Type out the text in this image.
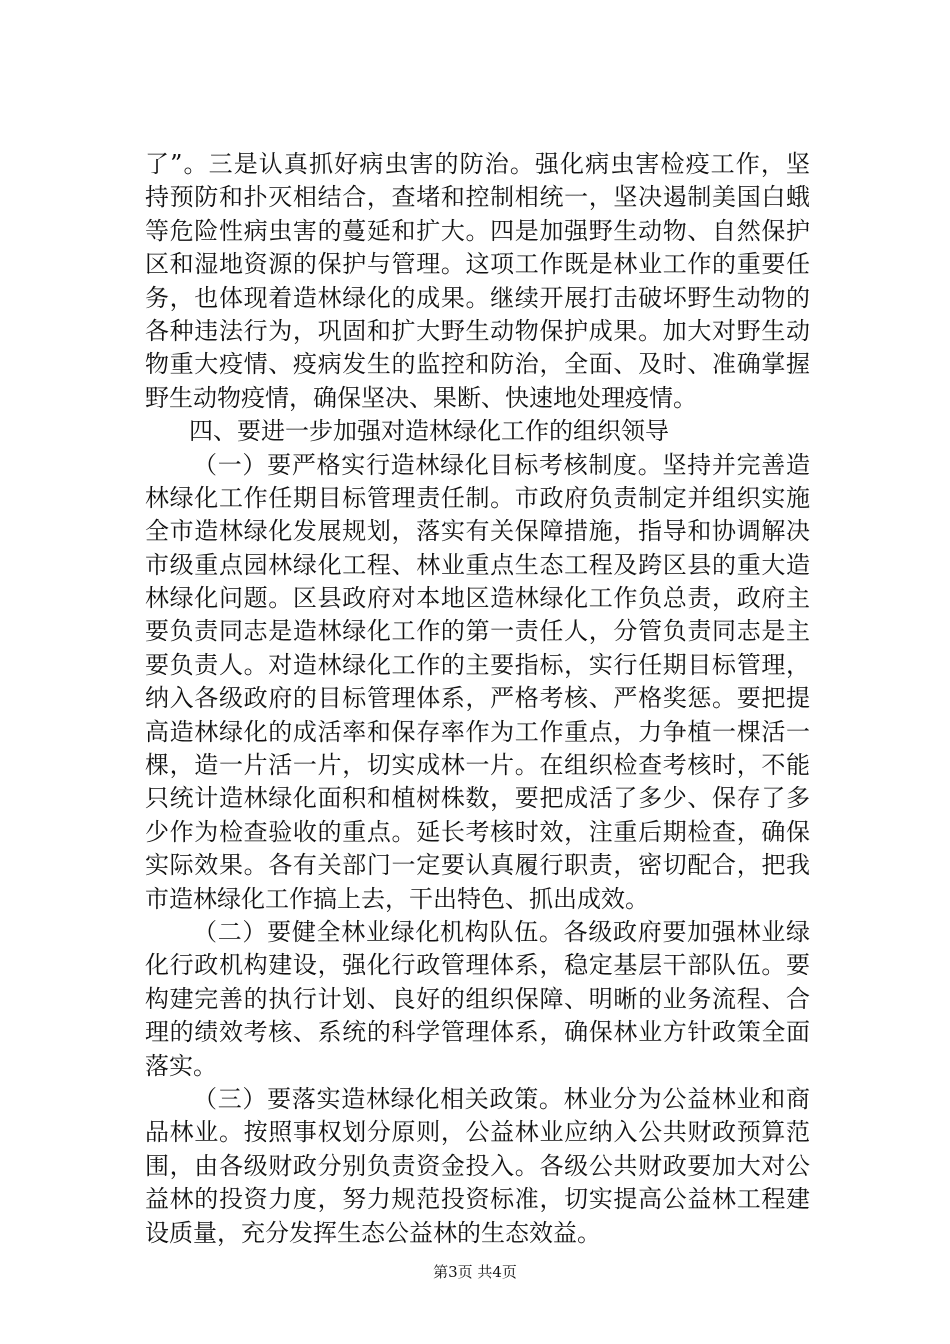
了”。三是认真抓好病虫害的防治。强化病虫害检疫工作，坚
持预防和扑灭相结合，查堵和控制相统一，坚决遏制美国白蛾
等危险性病虫害的蔓延和扩大。四是加强野生动物、自然保护
区和湿地资源的保护与管理。这项工作既是林业工作的重要任
务，也体现着造林绿化的成果。继续开展打击破坏野生动物的
各种违法行为，巩固和扩大野生动物保护成果。加大对野生动
物重大疫情、疫病发生的监控和防治，全面、及时、准确掌握
野生动物疫情，确保坚决、果断、快速地处理疫情。
四、要进一步加强对造林绿化工作的组织领导
（一）要严格实行造林绿化目标考核制度。坚持并完善造
林绿化工作任期目标管理责任制。市政府负责制定并组织实施
全市造林绿化发展规划，落实有关保障措施，指导和协调解决
市级重点园林绿化工程、林业重点生态工程及跨区县的重大造
林绿化问题。区县政府对本地区造林绿化工作负总责，政府主
要负责同志是造林绿化工作的第一责任人，分管负责同志是主
要负责人。对造林绿化工作的主要指标，实行任期目标管理，
纳入各级政府的目标管理体系，严格考核、严格奖惩。要把提
高造林绿化的成活率和保存率作为工作重点，力争植一棵活一
棵，造一片活一片，切实成林一片。在组织检查考核时，不能
只统计造林绿化面积和植树株数，要把成活了多少、保存了多
少作为检查验收的重点。延长考核时效，注重后期检查，确保
实际效果。各有关部门一定要认真履行职责，密切配合，把我
市造林绿化工作搞上去，干出特色、抓出成效。
（二）要健全林业绿化机构队伍。各级政府要加强林业绿
化行政机构建设，强化行政管理体系，稳定基层干部队伍。要
构建完善的执行计划、良好的组织保障、明晰的业务流程、合
理的绩效考核、系统的科学管理体系，确保林业方针政策全面
落实。
（三）要落实造林绿化相关政策。林业分为公益林业和商
品林业。按照事权划分原则，公益林业应纳入公共财政预算范
围，由各级财政分别负责资金投入。各级公共财政要加大对公
益林的投资力度，努力规范投资标准，切实提高公益林工程建
设质量，充分发挥生态公益林的生态效益。
第3页 共4页
